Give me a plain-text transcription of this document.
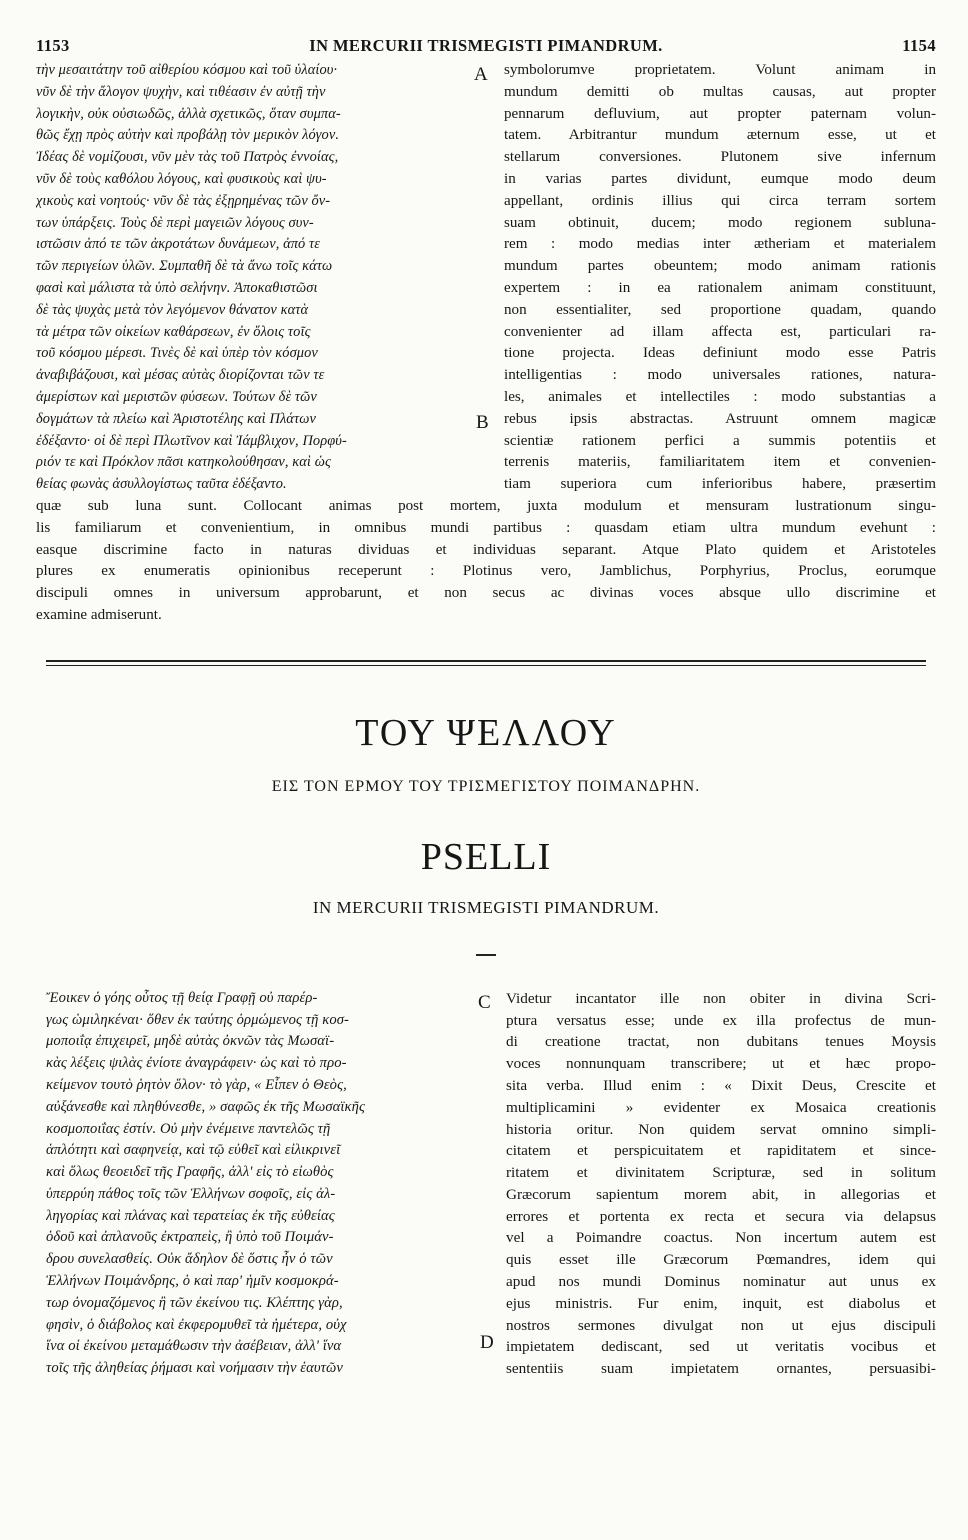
1153	IN MERCURII TRISMEGISTI PIMANDRUM.	1154
A
B
τὴν μεσαιτάτην τοῦ αἰθερίου κόσμου καὶ τοῦ ὑλαίου·
νῦν δὲ τὴν ἄλογον ψυχὴν, καὶ τιθέασιν ἐν αὐτῇ τὴν
λογικὴν, οὐκ οὐσιωδῶς, ἀλλὰ σχετικῶς, ὅταν συμπα-
θῶς ἔχῃ πρὸς αὐτὴν καὶ προβάλῃ τὸν μερικὸν λόγον.
Ἰδέας δὲ νομίζουσι, νῦν μὲν τὰς τοῦ Πατρὸς ἐννοίας,
νῦν δὲ τοὺς καθόλου λόγους, καὶ φυσικοὺς καὶ ψυ-
χικοὺς καὶ νοητούς· νῦν δὲ τὰς ἐξῃρημένας τῶν ὄν-
των ὑπάρξεις. Τοὺς δὲ περὶ μαγειῶν λόγους συν-
ιστῶσιν ἀπό τε τῶν ἀκροτάτων δυνάμεων, ἀπό τε
τῶν περιγείων ὑλῶν. Συμπαθῆ δὲ τὰ ἄνω τοῖς κάτω
φασὶ καὶ μάλιστα τὰ ὑπὸ σελήνην. Ἀποκαθιστῶσι
δὲ τὰς ψυχὰς μετὰ τὸν λεγόμενον θάνατον κατὰ
τὰ μέτρα τῶν οἰκείων καθάρσεων, ἐν ὅλοις τοῖς
τοῦ κόσμου μέρεσι. Τινὲς δὲ καὶ ὑπὲρ τὸν κόσμον
ἀναβιβάζουσι, καὶ μέσας αὐτὰς διορίζονται τῶν τε
ἀμερίστων καὶ μεριστῶν φύσεων. Τούτων δὲ τῶν
δογμάτων τὰ πλείω καὶ Ἀριστοτέλης καὶ Πλάτων
ἐδέξαντο· οἱ δὲ περὶ Πλωτῖνον καὶ Ἰάμβλιχον, Πορφύ-
ριόν τε καὶ Πρόκλον πᾶσι κατηκολούθησαν, καὶ ὡς
θείας φωνὰς ἀσυλλογίστως ταῦτα ἐδέξαντο.
symbolorumve proprietatem. Volunt animam in
mundum demitti ob multas causas, aut propter
pennarum defluvium, aut propter paternam volun-
tatem. Arbitrantur mundum æternum esse, ut et
stellarum conversiones. Plutonem sive infernum
in varias partes dividunt, eumque modo deum
appellant, ordinis illius qui circa terram sortem
suam obtinuit, ducem; modo regionem subluna-
rem : modo medias inter ætheriam et materialem
mundum partes obeuntem; modo animam rationis
expertem : in ea rationalem animam constituunt,
non essentialiter, sed proportione quadam, quando
convenienter ad illam affecta est, particulari ra-
tione projecta. Ideas definiunt modo esse Patris
intelligentias : modo universales rationes, natura-
les, animales et intellectiles : modo substantias a
rebus ipsis abstractas. Astruunt omnem magicæ
scientiæ rationem perfici a summis potentiis et
terrenis materiis, familiaritatem item et convenien-
tiam superiora cum inferioribus habere, præsertim
quæ sub luna sunt. Collocant animas post mortem, juxta modulum et mensuram lustrationum singu-
lis familiarum et convenientium, in omnibus mundi partibus : quasdam etiam ultra mundum evehunt :
easque discrimine facto in naturas dividuas et individuas separant. Atque Plato quidem et Aristoteles
plures ex enumeratis opinionibus receperunt : Plotinus vero, Jamblichus, Porphyrius, Proclus, eorumque
discipuli omnes in universum approbarunt, et non secus ac divinas voces absque ullo discrimine et
examine admiserunt.
ΤΟΥ ΨΕΛΛΟΥ
ΕΙΣ ΤΟΝ ΕΡΜΟΥ ΤΟΥ ΤΡΙΣΜΕΓΙΣΤΟΥ ΠΟΙΜΑΝΔΡΗΝ.
PSELLI
IN MERCURII TRISMEGISTI PIMANDRUM.
C
D
Ἔοικεν ὁ γόης οὗτος τῇ θείᾳ Γραφῇ οὐ παρέρ-
γως ὡμιληκέναι· ὅθεν ἐκ ταύτης ὁρμώμενος τῇ κοσ-
μοποιΐᾳ ἐπιχειρεῖ, μηδὲ αὐτὰς ὀκνῶν τὰς Μωσαϊ-
κὰς λέξεις ψιλὰς ἐνίοτε ἀναγράφειν· ὡς καὶ τὸ προ-
κείμενον τουτὸ ῥητὸν ὅλον· τὸ γὰρ, « Εἶπεν ὁ Θεὸς,
αὐξάνεσθε καὶ πληθύνεσθε, » σαφῶς ἐκ τῆς Μωσαϊκῆς
κοσμοποιΐας ἐστίν. Οὐ μὴν ἐνέμεινε παντελῶς τῇ
ἁπλότητι καὶ σαφηνείᾳ, καὶ τῷ εὐθεῖ καὶ εἰλικρινεῖ
καὶ ὅλως θεοειδεῖ τῆς Γραφῆς, ἀλλ' εἰς τὸ εἰωθὸς
ὑπερρύη πάθος τοῖς τῶν Ἑλλήνων σοφοῖς, εἰς ἀλ-
ληγορίας καὶ πλάνας καὶ τερατείας ἐκ τῆς εὐθείας
ὁδοῦ καὶ ἀπλανοῦς ἐκτραπεὶς, ἢ ὑπὸ τοῦ Ποιμάν-
δρου συνελασθείς. Οὐκ ἄδηλον δὲ ὅστις ἦν ὁ τῶν
Ἑλλήνων Ποιμάνδρης, ὁ καὶ παρ' ἡμῖν κοσμοκρά-
τωρ ὀνομαζόμενος ἢ τῶν ἐκείνου τις. Κλέπτης γὰρ,
φησὶν, ὁ διάβολος καὶ ἐκφερομυθεῖ τὰ ἡμέτερα, οὐχ
ἵνα οἱ ἐκείνου μεταμάθωσιν τὴν ἀσέβειαν, ἀλλ' ἵνα
τοῖς τῆς ἀληθείας ῥήμασι καὶ νοήμασιν τὴν ἑαυτῶν
Videtur incantator ille non obiter in divina Scri-
ptura versatus esse; unde ex illa profectus de mun-
di creatione tractat, non dubitans tenues Moysis
voces nonnunquam transcribere; ut et hæc propo-
sita verba. Illud enim : « Dixit Deus, Crescite et
multiplicamini » evidenter ex Mosaica creationis
historia oritur. Non quidem servat omnino simpli-
citatem et perspicuitatem et rapiditatem et since-
ritatem et divinitatem Scripturæ, sed in solitum
Græcorum sapientum morem abit, in allegorias et
errores et portenta ex recta et secura via delapsus
vel a Poimandre coactus. Non incertum autem est
quis esset ille Græcorum Pœmandres, idem qui
apud nos mundi Dominus nominatur aut unus ex
ejus ministris. Fur enim, inquit, est diabolus et
nostros sermones divulgat non ut ejus discipuli
impietatem dediscant, sed ut veritatis vocibus et
sententiis suam impietatem ornantes, persuasibi-
